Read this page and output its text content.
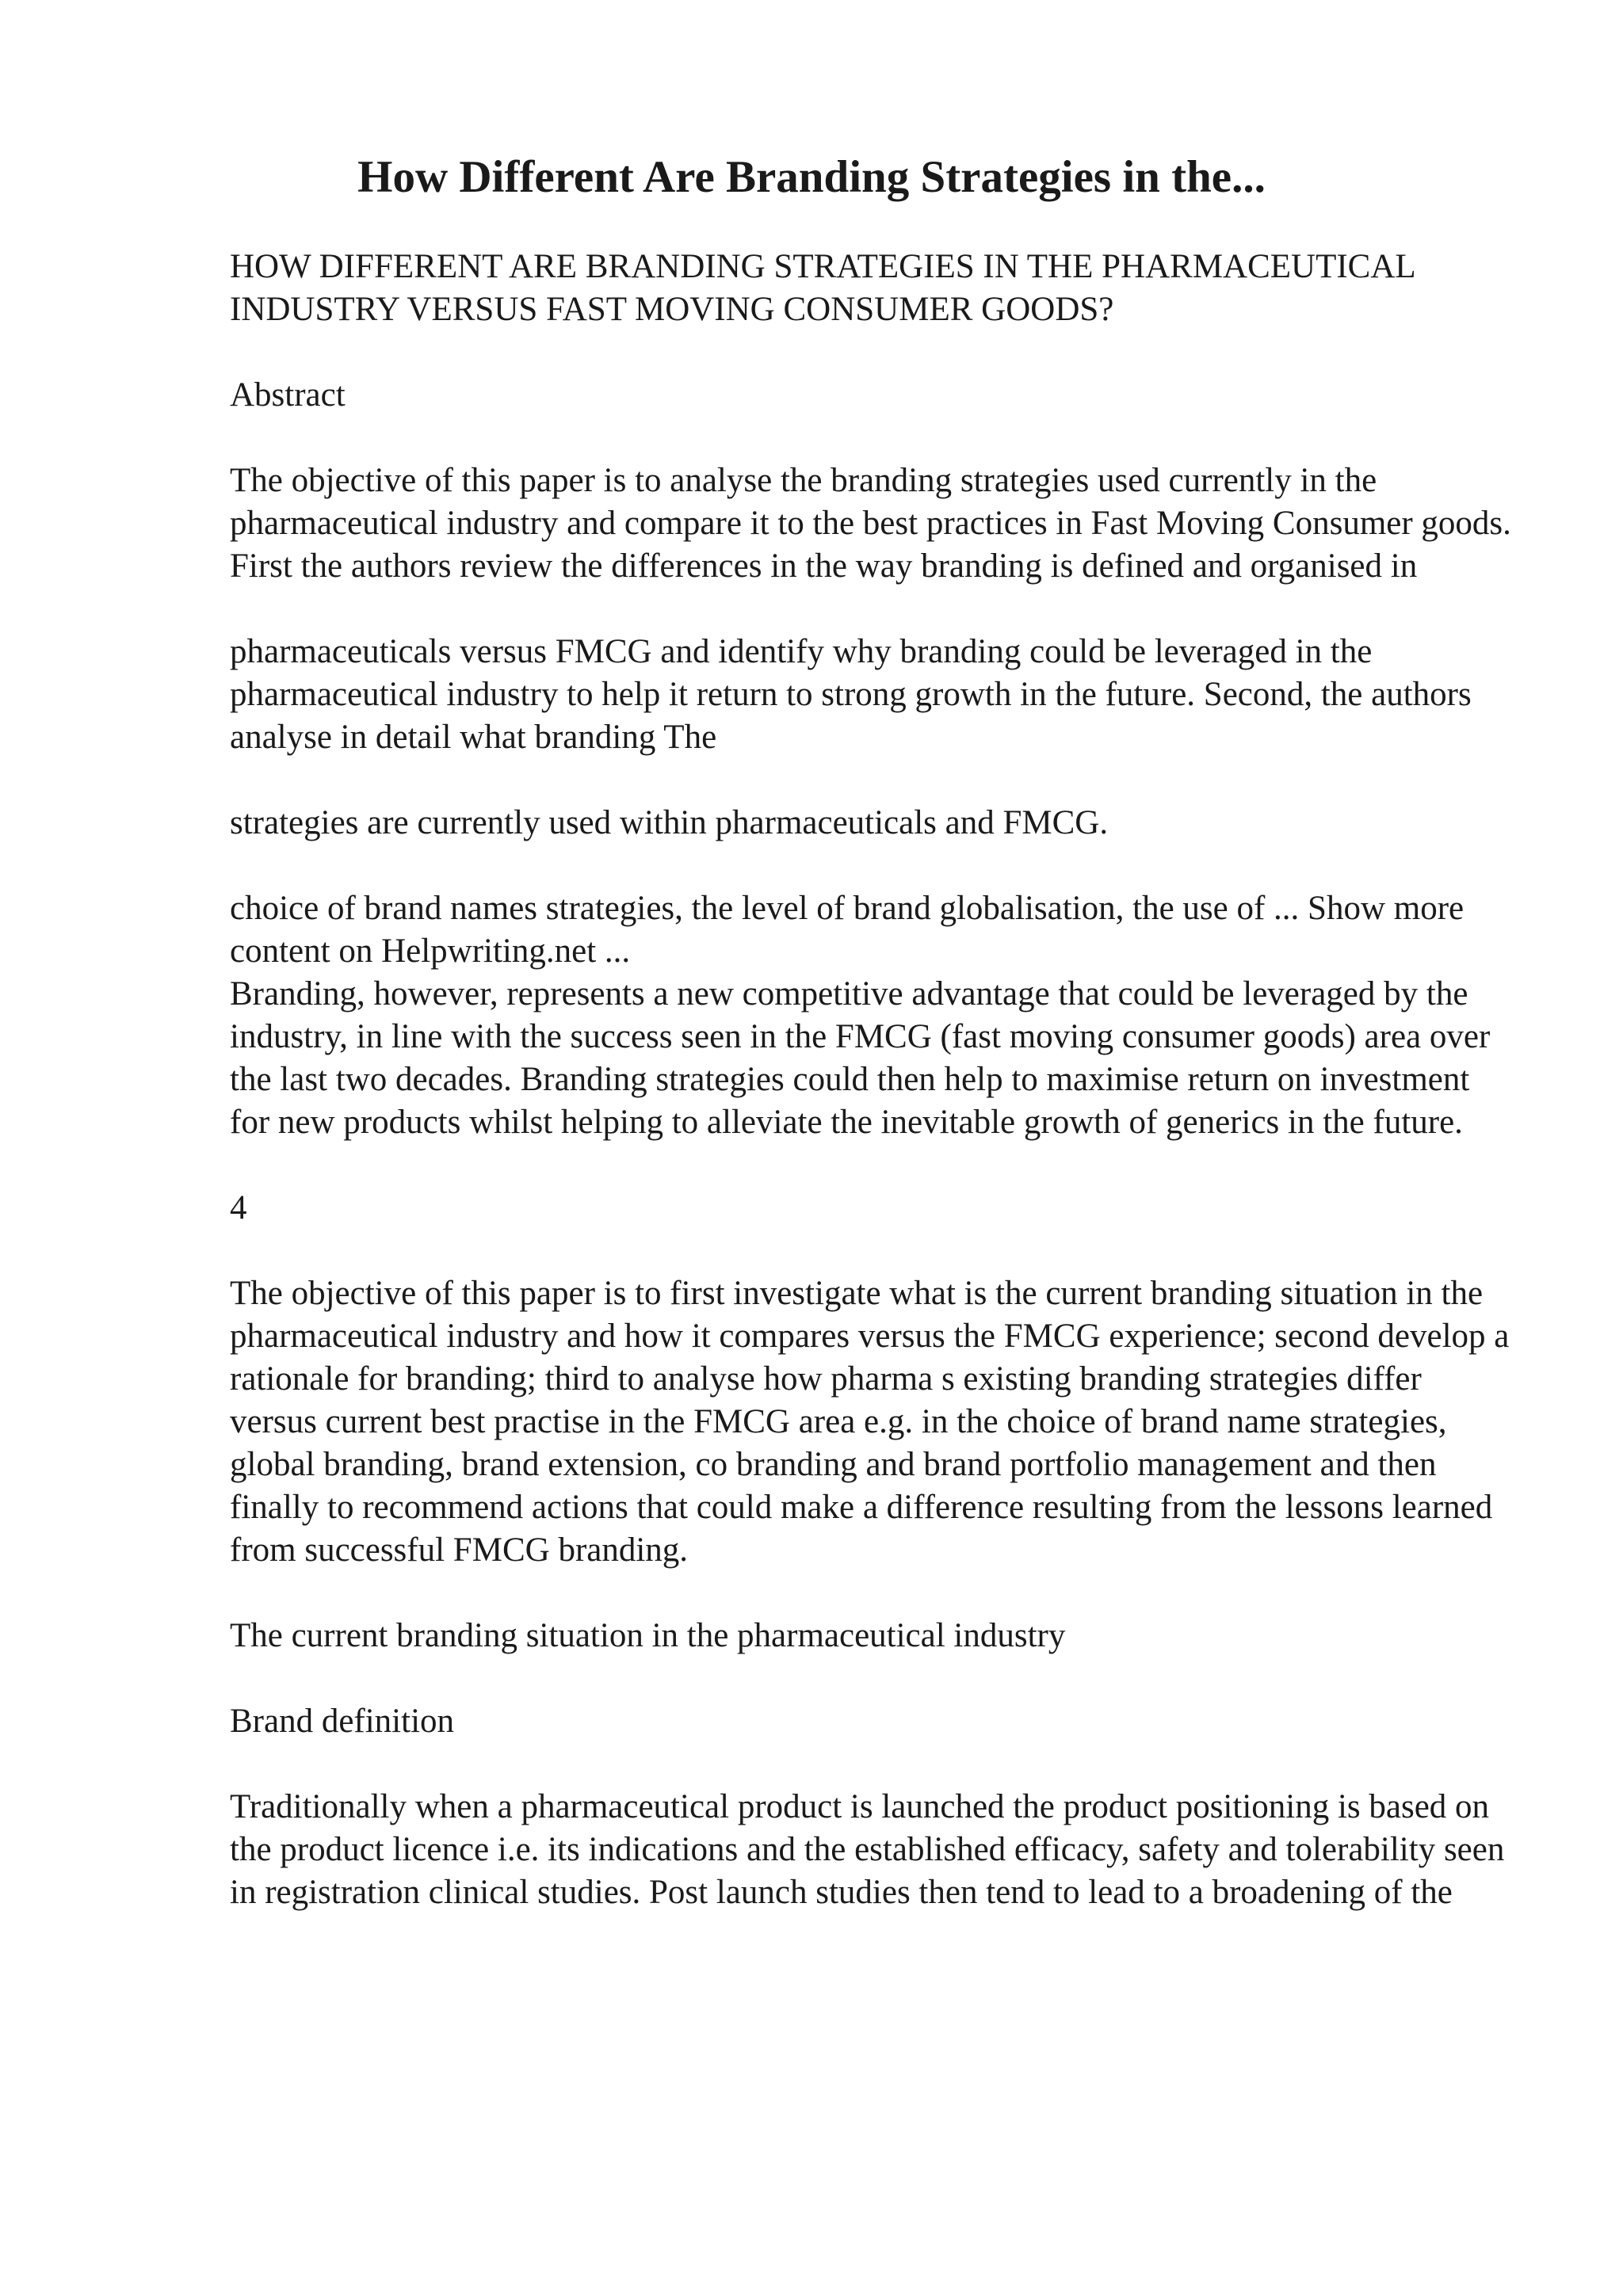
How Different Are Branding Strategies in the...

HOW DIFFERENT ARE BRANDING STRATEGIES IN THE PHARMACEUTICAL INDUSTRY VERSUS FAST MOVING CONSUMER GOODS?

Abstract

The objective of this paper is to analyse the branding strategies used currently in the pharmaceutical industry and compare it to the best practices in Fast Moving Consumer goods. First the authors review the differences in the way branding is defined and organised in

pharmaceuticals versus FMCG and identify why branding could be leveraged in the pharmaceutical industry to help it return to strong growth in the future. Second, the authors analyse in detail what branding The

strategies are currently used within pharmaceuticals and FMCG.

choice of brand names strategies, the level of brand globalisation, the use of ... Show more content on Helpwriting.net ...

Branding, however, represents a new competitive advantage that could be leveraged by the industry, in line with the success seen in the FMCG (fast moving consumer goods) area over the last two decades. Branding strategies could then help to maximise return on investment for new products whilst helping to alleviate the inevitable growth of generics in the future.

4

The objective of this paper is to first investigate what is the current branding situation in the pharmaceutical industry and how it compares versus the FMCG experience; second develop a rationale for branding; third to analyse how pharma s existing branding strategies differ versus current best practise in the FMCG area e.g. in the choice of brand name strategies, global branding, brand extension, co branding and brand portfolio management and then finally to recommend actions that could make a difference resulting from the lessons learned from successful FMCG branding.

The current branding situation in the pharmaceutical industry

Brand definition

Traditionally when a pharmaceutical product is launched the product positioning is based on the product licence i.e. its indications and the established efficacy, safety and tolerability seen in registration clinical studies. Post launch studies then tend to lead to a broadening of the
